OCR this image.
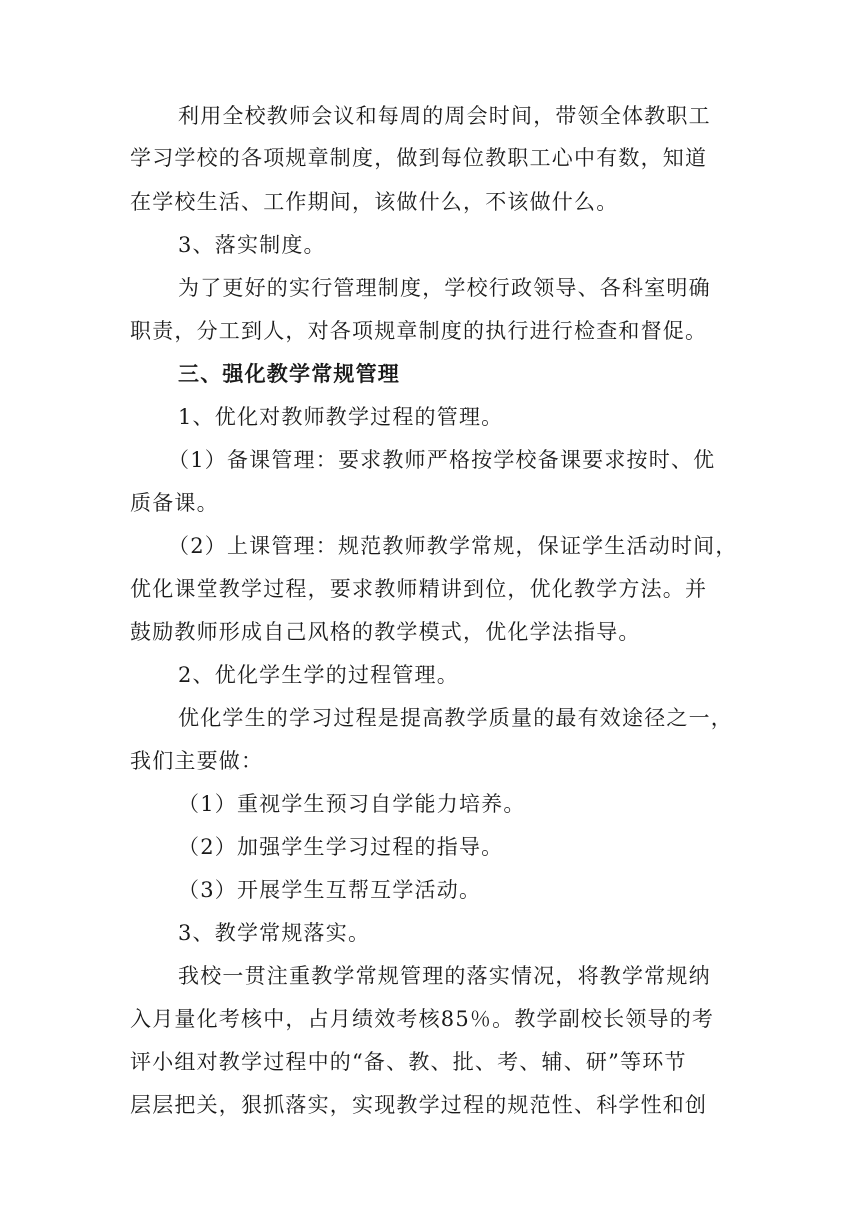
利用全校教师会议和每周的周会时间，带领全体教职工
学习学校的各项规章制度，做到每位教职工心中有数，知道
在学校生活、工作期间，该做什么，不该做什么。
3、落实制度。
为了更好的实行管理制度，学校行政领导、各科室明确
职责，分工到人，对各项规章制度的执行进行检查和督促。
三、强化教学常规管理
1、优化对教师教学过程的管理。
（1）备课管理：要求教师严格按学校备课要求按时、优
质备课。
（2）上课管理：规范教师教学常规，保证学生活动时间，
优化课堂教学过程，要求教师精讲到位，优化教学方法。并
鼓励教师形成自己风格的教学模式，优化学法指导。
2、优化学生学的过程管理。
优化学生的学习过程是提高教学质量的最有效途径之一，
我们主要做：
（1）重视学生预习自学能力培养。
（2）加强学生学习过程的指导。
（3）开展学生互帮互学活动。
3、教学常规落实。
我校一贯注重教学常规管理的落实情况，将教学常规纳
入月量化考核中，占月绩效考核85％。教学副校长领导的考
评小组对教学过程中的“备、教、批、考、辅、研”等环节
层层把关，狠抓落实，实现教学过程的规范性、科学性和创
